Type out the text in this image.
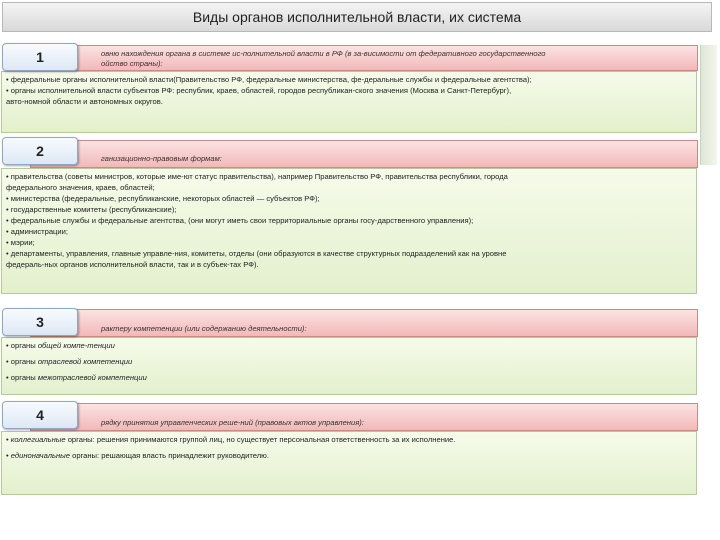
Виды органов исполнительной власти, их система
овню нахождения органа в системе ис-полнительной власти в РФ (в за-висимости от федеративного государственного
ойство страны):
• федеральные органы исполнительной власти(Правительство РФ, федеральные министерства, фе-деральные службы и федеральные агентства);
• органы исполнительной власти субъектов РФ: республик, краев, областей, городов республикан-ского значения (Москва и Санкт-Петербург),
авто-номной области и автономных округов.
1
ганизационно-правовым формам:
• правительства (советы министров, которые име-ют статус правительства), например Правительство РФ, правительства республики, города
федерального значения, краев, областей;
• министерства (федеральные, республиканские, некоторых областей — субъектов РФ);
• государственные комитеты (республиканские);
• федеральные службы и федеральные агентства, (они могут иметь свои территориальные органы госу-дарственного управления);
• администрации;
• мэрии;
• департаменты, управления, главные управле-ния, комитеты, отделы (они образуются в качестве структурных подразделений как на уровне
федераль-ных органов исполнительной власти, так и в субъек-тах РФ).
2
рактеру компетенции (или содержанию деятельности):
• органы общей компе-тенции
• органы отраслевой компетенции
• органы межотраслевой компетенции
3
рядку принятия управленческих реше-ний (правовых актов управления):
• коллегиальные органы: решения принимаются группой лиц, но существует персональная ответственность за их исполнение.
• единоначальные органы: решающая власть принадлежит руководителю.
4
